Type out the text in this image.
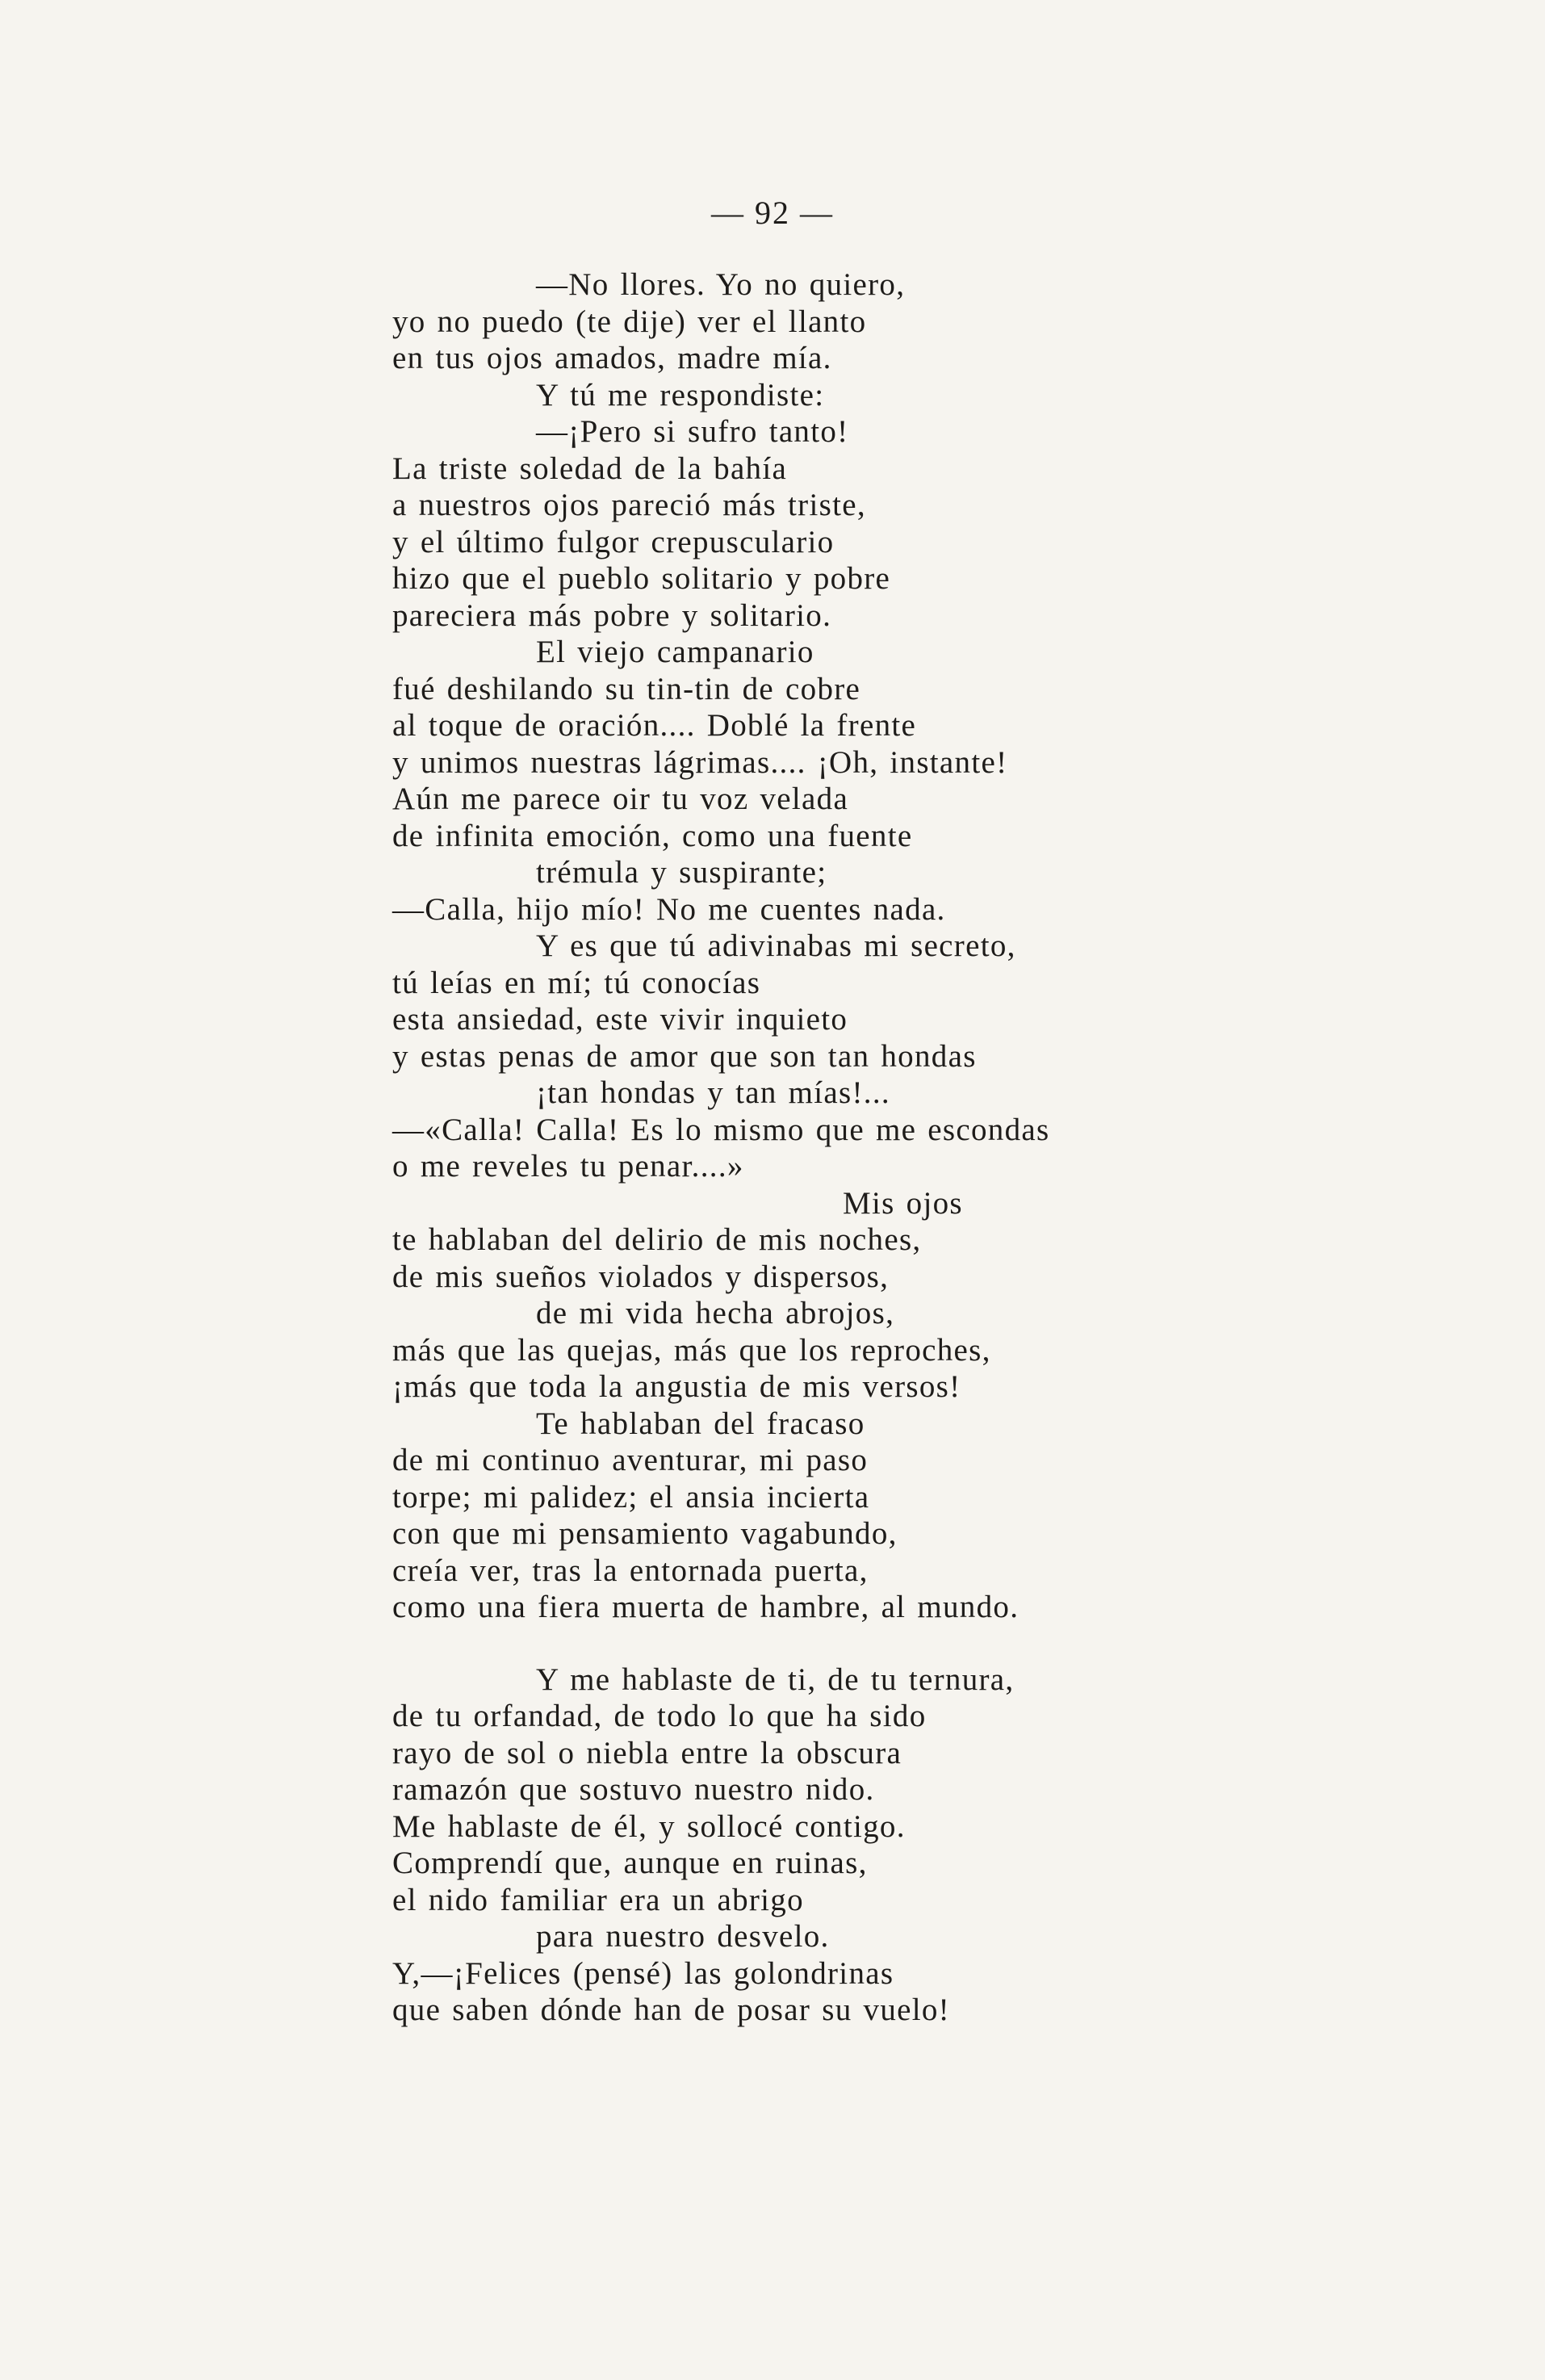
— 92 —
—No llores. Yo no quiero,
yo no puedo (te dije) ver el llanto
en tus ojos amados, madre mía.
Y tú me respondiste:
—¡Pero si sufro tanto!
La triste soledad de la bahía
a nuestros ojos pareció más triste,
y el último fulgor crepusculario
hizo que el pueblo solitario y pobre
pareciera más pobre y solitario.
El viejo campanario
fué deshilando su tin-tin de cobre
al toque de oración.... Doblé la frente
y unimos nuestras lágrimas.... ¡Oh, instante!
Aún me parece oir tu voz velada
de infinita emoción, como una fuente
trémula y suspirante;
—Calla, hijo mío! No me cuentes nada.
Y es que tú adivinabas mi secreto,
tú leías en mí; tú conocías
esta ansiedad, este vivir inquieto
y estas penas de amor que son tan hondas
¡tan hondas y tan mías!...
—«Calla! Calla! Es lo mismo que me escondas
o me reveles tu penar....»
Mis ojos
te hablaban del delirio de mis noches,
de mis sueños violados y dispersos,
de mi vida hecha abrojos,
más que las quejas, más que los reproches,
¡más que toda la angustia de mis versos!
Te hablaban del fracaso
de mi continuo aventurar, mi paso
torpe; mi palidez; el ansia incierta
con que mi pensamiento vagabundo,
creía ver, tras la entornada puerta,
como una fiera muerta de hambre, al mundo.
Y me hablaste de ti, de tu ternura,
de tu orfandad, de todo lo que ha sido
rayo de sol o niebla entre la obscura
ramazón que sostuvo nuestro nido.
Me hablaste de él, y sollocé contigo.
Comprendí que, aunque en ruinas,
el nido familiar era un abrigo
para nuestro desvelo.
Y,—¡Felices (pensé) las golondrinas
que saben dónde han de posar su vuelo!
